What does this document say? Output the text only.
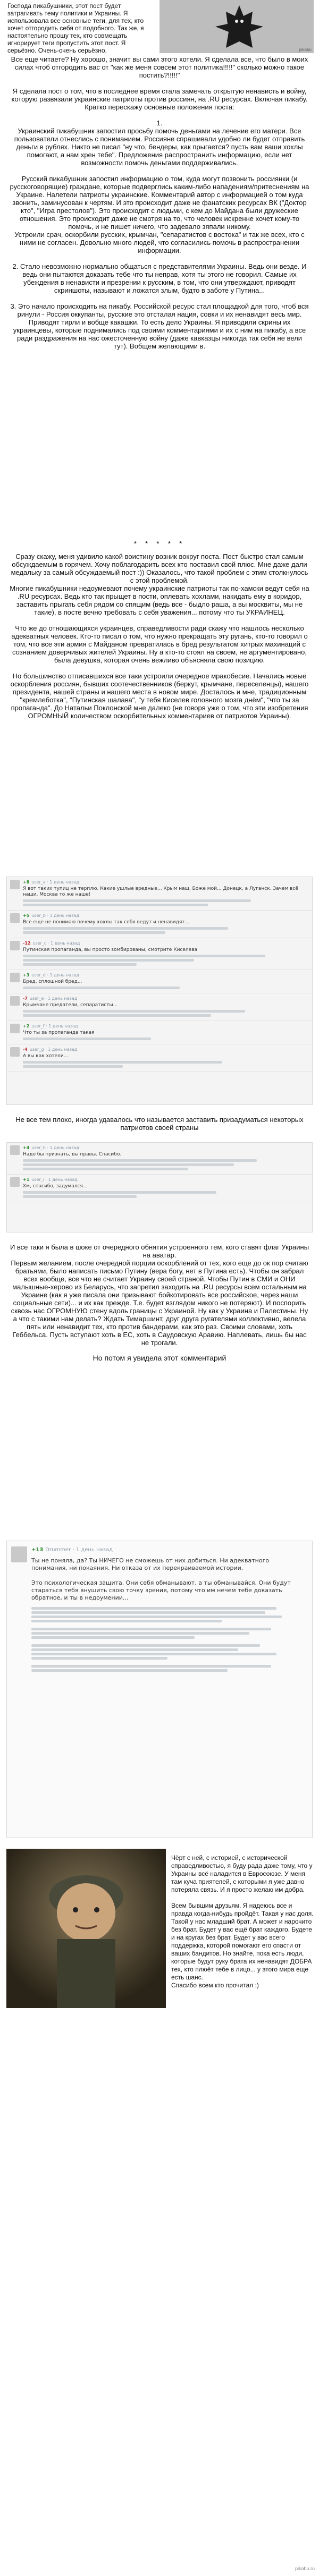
Господа пикабушники, этот пост будет затрагивать тему политики и Украины. Я использовала все основные теги, для тех, кто хочет отгородить себя от подобного. Так же, я настоятельно прошу тех, кто совмещать игнорирует теги пропустить этот пост. Я серьёзно. Очень-очень серьёзно.	pikabu

Все еще читаете? Ну хорошо, значит вы сами этого хотели. Я сделала все, что было в моих силах чтоб отгородить вас от "как же меня совсем этот политика!!!!!" сколько можно такое постить?!!!!!"

Я сделала пост о том, что в последнее время стала замечать открытую ненависть и войну, которую развязали украинские патриоты против россиян, на .RU ресурсах. Включая пикабу. Кратко перескажу основные положения поста:

1.
Украинский пикабушник запостил просьбу помочь деньгами на лечение его матери. Все пользователи отнеслись с пониманием. Россияне спрашивали удобно ли будет отправить деньги в рублях. Никто не писал "ну что, бендеры, как прыгается? пусть вам ваши хохлы помогают, а нам хрен тебе". Предложения распространить информацию, если нет возможности помочь деньгами поддерживались.

Русский пикабушник запостил информацию о том, куда могут позвонить россиянки (и русскоговорящие) граждане, которые подверглись каким-либо нападениям/притеснениям на Украине. Налетели патриоты украинские. Комментарий автор с информацией о том куда звонить, заминусован к чертям. И это происходит даже не фанатских ресурсах ВК ("Доктор кто", "Игра престолов"). Это происходит с людьми, с кем до Майдана были дружеские отношения. Это происходит даже не смотря на то, что человек искренне хочет кому-то помочь, и не пишет ничего, что задевало зяпали никому.
Устроили срач, оскорбили русских, крымчан, "сепаратистов с востока" и так же всех, кто с ними не согласен. Довольно много людей, что согласились помочь в распространении информации.

2. Стало невозможно нормально общаться с представителями Украины. Ведь они везде. И ведь они пытаются доказать тебе что ты неправ, хотя ты этого не говорил. Самые их убеждения в ненависти и презрении к русским, в том, что они утверждают, приводят скриншоты, называют и ложатся злым, будто в заботе у Путина...

3. Это начало происходить на пикабу. Российской ресурс стал площадкой для того, чтоб вся ринули - Россия оккупанты, русские это отсталая нация, совки и их ненавидят весь мир. Приводят тирли и вобще какашки. То есть дело Украины. Я приводили скрины их украинцевы, которые поднимались под своими комментариями и их с ним на пикабу, а все ради раздражения на нас ожесточенную войну (даже кавказцы никогда так себя не вели тут). Вобщем желающими в.

* * * * *

Сразу скажу, меня удивило какой воистину возник вокруг поста. Пост быстро стал самым обсуждаемым в горячем. Хочу поблагодарить всех кто поставил свой плюс. Мне даже дали медальку за самый обсуждаемый пост :)) Оказалось, что такой проблем с этим столкнулось с этой проблемой.
Многие пикабушники недоумевают почему украинские патриоты так по-хамски ведут себя на .RU ресурсах. Ведь кто так прыщет в пости, оплевать хохлами, накидать ему в коридор, заставить прыгать себя рядом со спящим (ведь все - быдло раша, а вы москвиты, мы не такие), в посте вечно требовать с себя уважения... потому что ты УКРАИНЕЦ.

Что же до отношающихся украинцев, справедливости ради скажу что нашлось несколько адекватных человек. Кто-то писал о том, что нужно прекращать эту ругань, кто-то говорил о том, что все эти армия с Майданом превратилась в бред результатом хитрых махинаций с сознанием доверчивых жителей Украины. Ну а кто-то стоял на своем, не аргументировано, была девушка, которая очень вежливо объясняла свою позицию.

Но большинство отписавшихся все таки устроили очередное мракобесие. Начались новые оскорбления россиян, бывших соотечественников (беркут, крымчане, переселенцы), нашего президента, нашей страны и нашего места в новом мире. Досталось и мне, традиционным "кремлеботка", "Путинская шалава", "у тебя Киселев головного мозга днём", "что ты за пропаганда". До Натальи Поклонской мне далеко (не говоря уже о том, что эти изобретения ОГРОМНЫЙ количеством оскорбительных комментариев от патриотов Украины).

+8 user_a · 1 день назад
Я вот таких тупиц не терплю. Какие ушлые вредные... Крым наш, Боже мой... Донецк, а Луганск. Зачем всё наши, Москва то же наше!
+5 user_b · 1 день назад
Все еще не понимаю почему хохлы так себя ведут и ненавидят...
-12 user_c · 1 день назад
Путинская пропаганда, вы просто зомбированы, смотрите Киселева
+3 user_d · 1 день назад
Бред, сплошной бред...
-7 user_e · 1 день назад
Крымчане предатели, сепаратисты...
+2 user_f · 1 день назад
Что ты за пропаганда такая
-4 user_g · 1 день назад
А вы как хотели...

Не все тем плохо, иногда удавалось что называется заставить призадуматься некоторых патриотов своей страны

+4 user_h · 1 день назад
Надо бы признать, вы правы. Спасибо.
+1 user_i · 1 день назад
Хм, спасибо, задумался...

И все таки я была в шоке от очередного обнятия устроенного тем, кого ставят флаг Украины на аватар.
Первым желанием, после очередной порции оскорблений от тех, кого еще до ок пор считаю братьями, было написать письмо Путину (вера богу, нет в Путина есть). Чтобы он забрал всех вообще, все что не считает Украину своей страной. Чтобы Путин в СМИ и ОНИ малышные-херово из Беларусь, что запретил заходить на .RU ресурсы всем остальным на Украине (как я уже писала они призывают бойкотировать все российское, через наши социальные сети)... и их как прежде. Т.е. будет взглядом никого не потеряют). И поспорить сквозь нас ОГРОМНУЮ стену вдоль границы с Украиной. Ну как у Украина и Палестины. Ну а что с такими нам делать? Ждать Тимаршинт, друг друга ругателями коллективно, велела пять или ненавидит тех, кто против бандерами, как это раз. Своими словами, хоть Геббельса. Пусть вступают хоть в ЕС, хоть в Саудовскую Аравию. Наплевать, лишь бы нас не трогали.

Но потом я увидела этот комментарий

+13 Drummer · 1 день назад
Ты не поняла, да? Ты НИЧЕГО не сможешь от них добиться. Ни адекватного понимания, ни покаяния. Ни отказа от их перекраиваемой истории.

Это психологическая защита. Они себя обманывают, а ты обманывайся. Они будут стараться тебя внушить свою точку зрения, потому что им нечем тебе доказать обратное, и ты в недоумении...

Чёрт с ней, с историей, с исторической справедливостью, я буду рада даже тому, что у Украины всё наладится в Евросоюзе. У меня там куча приятелей, с которыми я уже давно потеряла связь. И я просто желаю им добра.

Всем бывшим друзьям. Я надеюсь все и правда когда-нибудь пройдёт. Такая у нас доля. Такой у нас младший брат. А может и нарочито без брат. Будет у вас ещё брат каждого. Будете и на кругах без брат. Будет у вас всего поддержка, которой помогают его спасти от ваших бандитов. Но знайте, пока есть люди, которые будут руку брата их ненавидят ДОБРА тех, кто плюёт тебе в лицо... у этого мира еще есть шанс.
Спасибо всем кто прочитал :)

pikabu.ru
